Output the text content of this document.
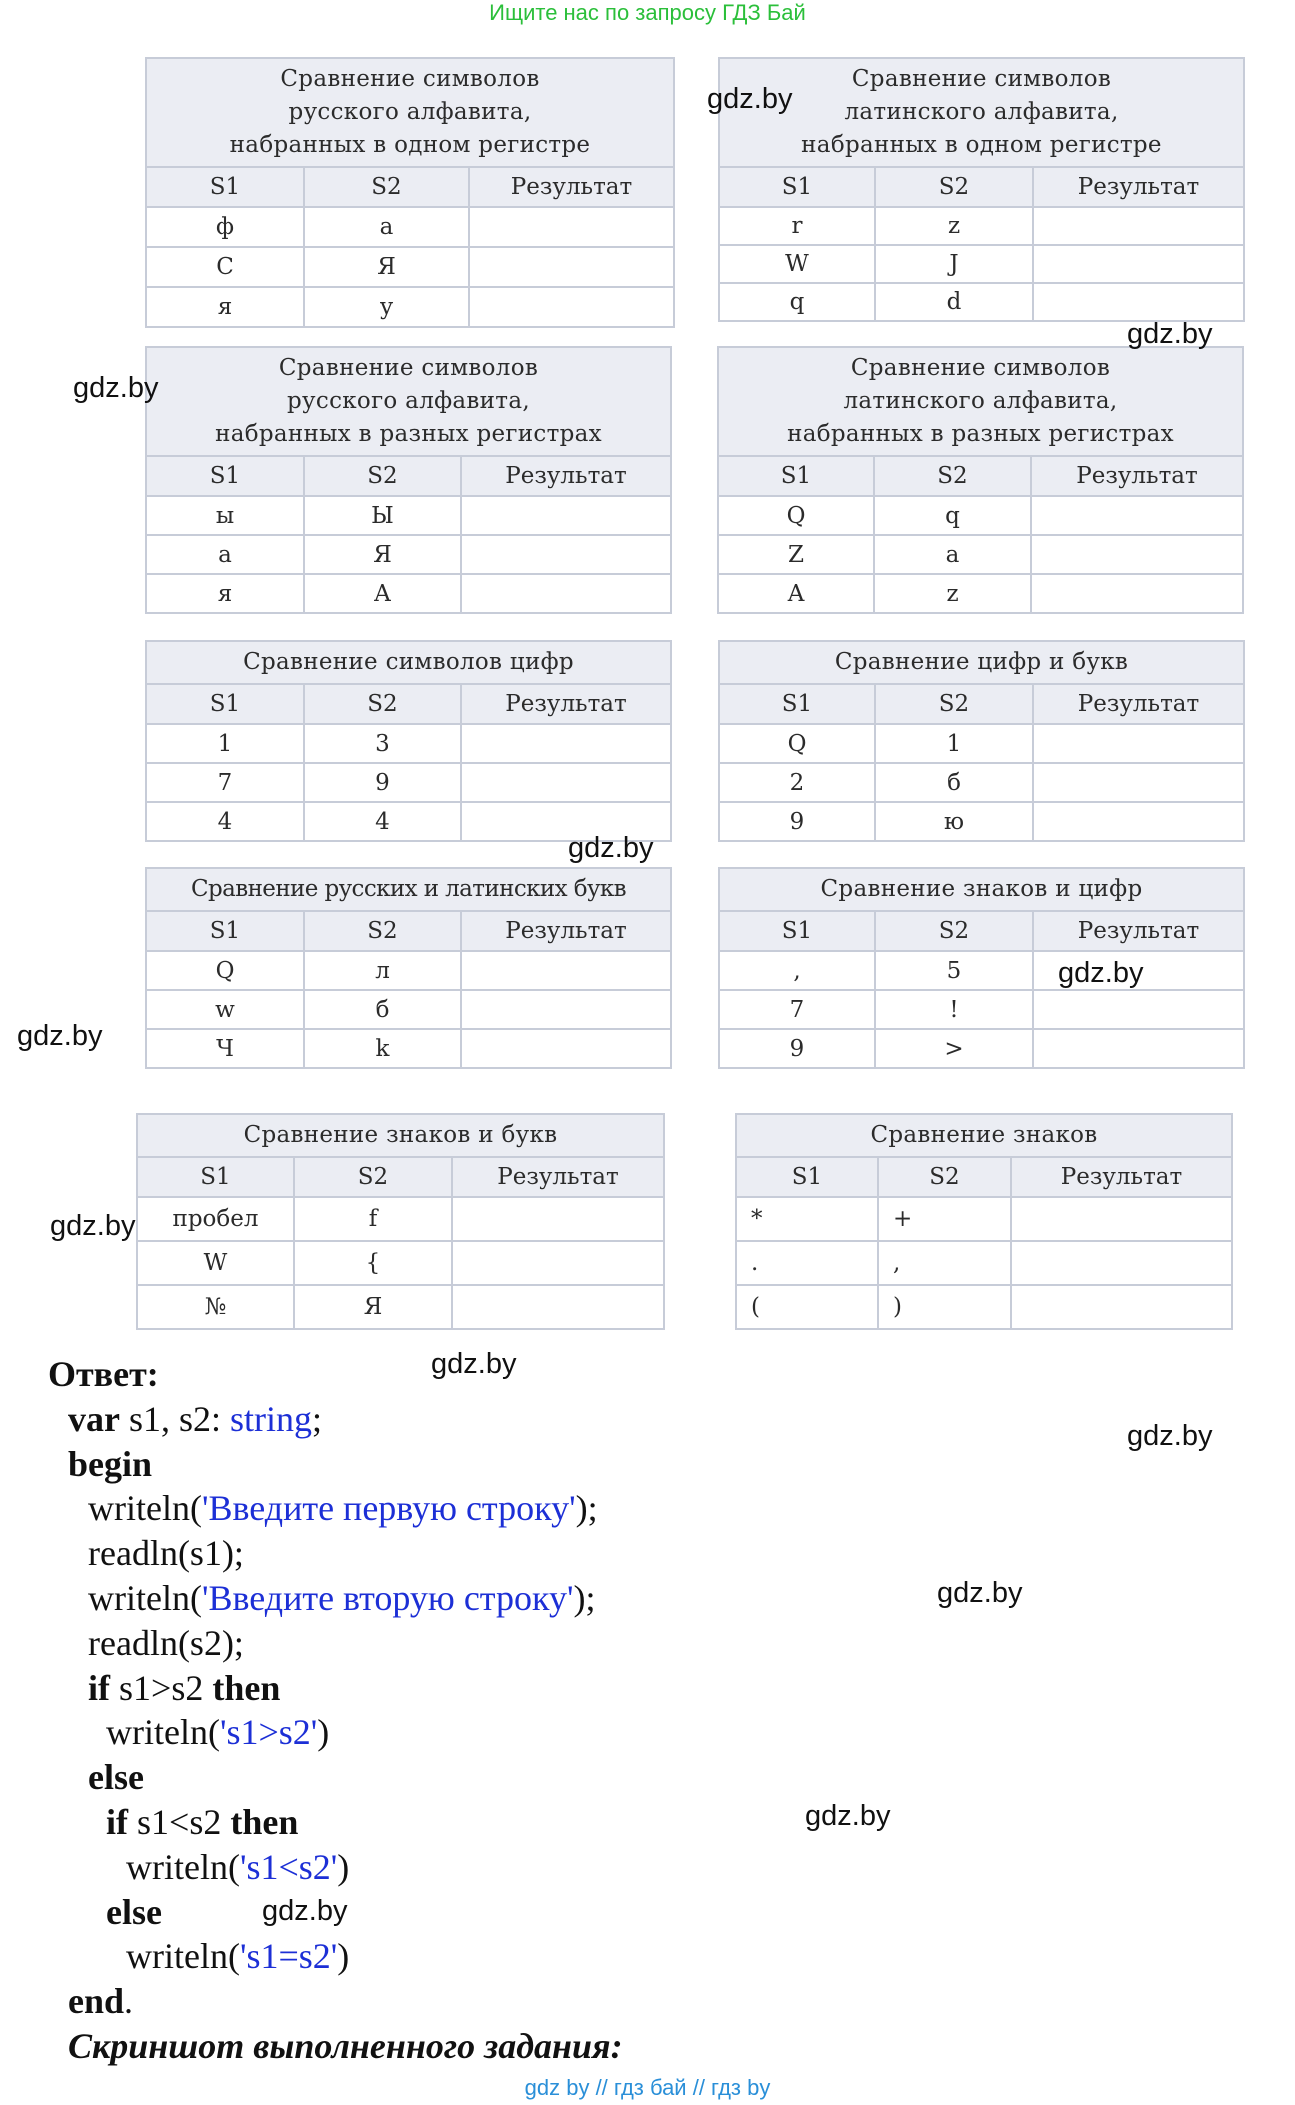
Ищите нас по запросу ГДЗ Бай
Сравнение символов
русского алфавита,
набранных в одном регистре		

S1	S2	Результат
ф	а	
С	Я	
я	у	
Сравнение символов
латинского алфавита,
набранных в одном регистре		

S1	S2	Результат
r	z	
W	J	
q	d	
Сравнение символов
русского алфавита,
набранных в разных регистрах		

S1	S2	Результат
ы	Ы	
а	Я	
я	А	
Сравнение символов
латинского алфавита,
набранных в разных регистрах		

S1	S2	Результат
Q	q	
Z	a	
A	z	
Сравнение символов цифр		

S1	S2	Результат
1	3	
7	9	
4	4	
Сравнение цифр и букв		

S1	S2	Результат
Q	1	
2	б	
9	ю	
Сравнение русских и латинских букв		

S1	S2	Результат
Q	л	
w	б	
Ч	k	
Сравнение знаков и цифр		

S1	S2	Результат
,	5	
7	!	
9	>	
Сравнение знаков и букв		

S1	S2	Результат
пробел	f	
W	{	
№	Я	
Сравнение знаков		

S1	S2	Результат
*	+	
.	,	
(	)	
gdz.by
gdz.by
gdz.by
gdz.by
gdz.by
gdz.by
gdz.by
gdz.by
gdz.by
gdz.by
gdz.by
gdz.by
Ответ:
var s1, s2: string;
begin
writeln('Введите первую строку');
readln(s1);
writeln('Введите вторую строку');
readln(s2);
if s1>s2 then
writeln('s1>s2')
else
if s1<s2 then
writeln('s1<s2')
else
writeln('s1=s2')
end.
Скриншот выполненного задания:
gdz by // гдз бай // гдз by
